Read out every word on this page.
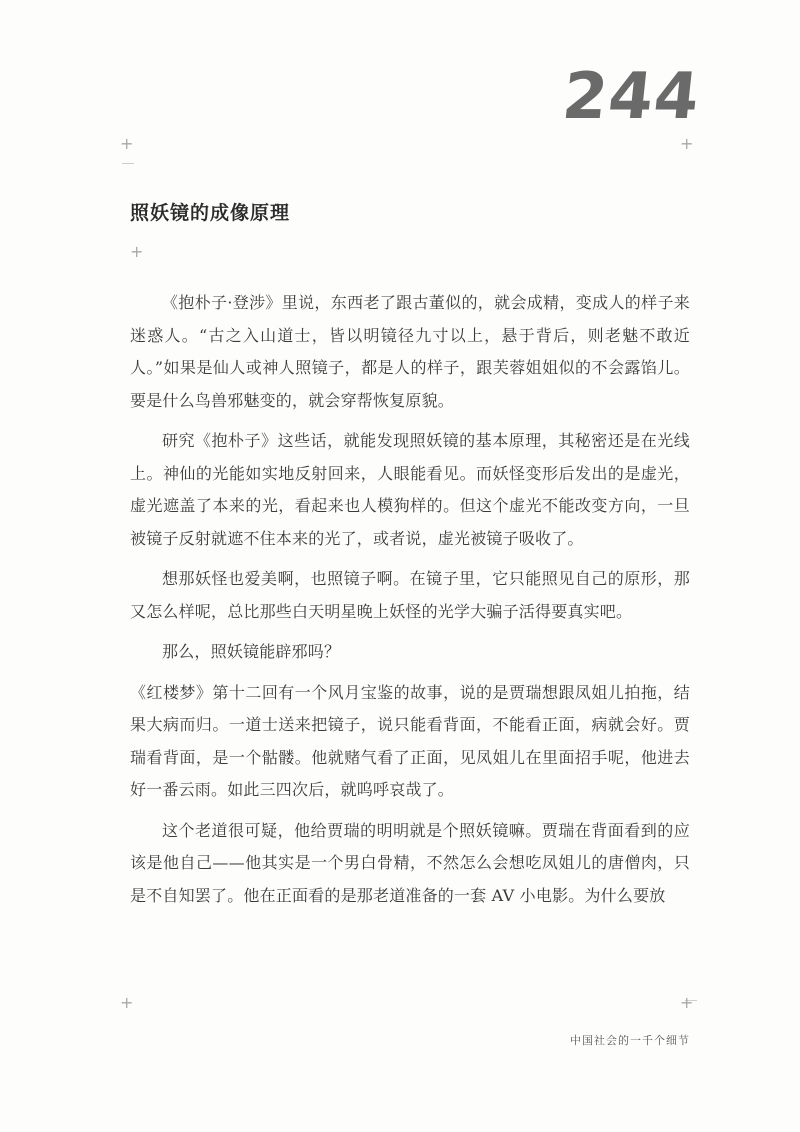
244
+	+
+
照妖镜的成像原理

《抱朴子·登涉》里说，东西老了跟古董似的，就会成精，变成人的样子来迷惑人。“古之入山道士，皆以明镜径九寸以上，悬于背后，则老魅不敢近人。”如果是仙人或神人照镜子，都是人的样子，跟芙蓉姐姐似的不会露馅儿。要是什么鸟兽邪魅变的，就会穿帮恢复原貌。

研究《抱朴子》这些话，就能发现照妖镜的基本原理，其秘密还是在光线上。神仙的光能如实地反射回来，人眼能看见。而妖怪变形后发出的是虚光，虚光遮盖了本来的光，看起来也人模狗样的。但这个虚光不能改变方向，一旦被镜子反射就遮不住本来的光了，或者说，虚光被镜子吸收了。

想那妖怪也爱美啊，也照镜子啊。在镜子里，它只能照见自己的原形，那又怎么样呢，总比那些白天明星晚上妖怪的光学大骗子活得要真实吧。

那么，照妖镜能辟邪吗？

《红楼梦》第十二回有一个风月宝鉴的故事，说的是贾瑞想跟凤姐儿拍拖，结果大病而归。一道士送来把镜子，说只能看背面，不能看正面，病就会好。贾瑞看背面，是一个骷髅。他就赌气看了正面，见凤姐儿在里面招手呢，他进去好一番云雨。如此三四次后，就呜呼哀哉了。

这个老道很可疑，他给贾瑞的明明就是个照妖镜嘛。贾瑞在背面看到的应该是他自己——他其实是一个男白骨精，不然怎么会想吃凤姐儿的唐僧肉，只是不自知罢了。他在正面看的是那老道准备的一套 AV 小电影。为什么要放

+	+
中国社会的一千个细节
